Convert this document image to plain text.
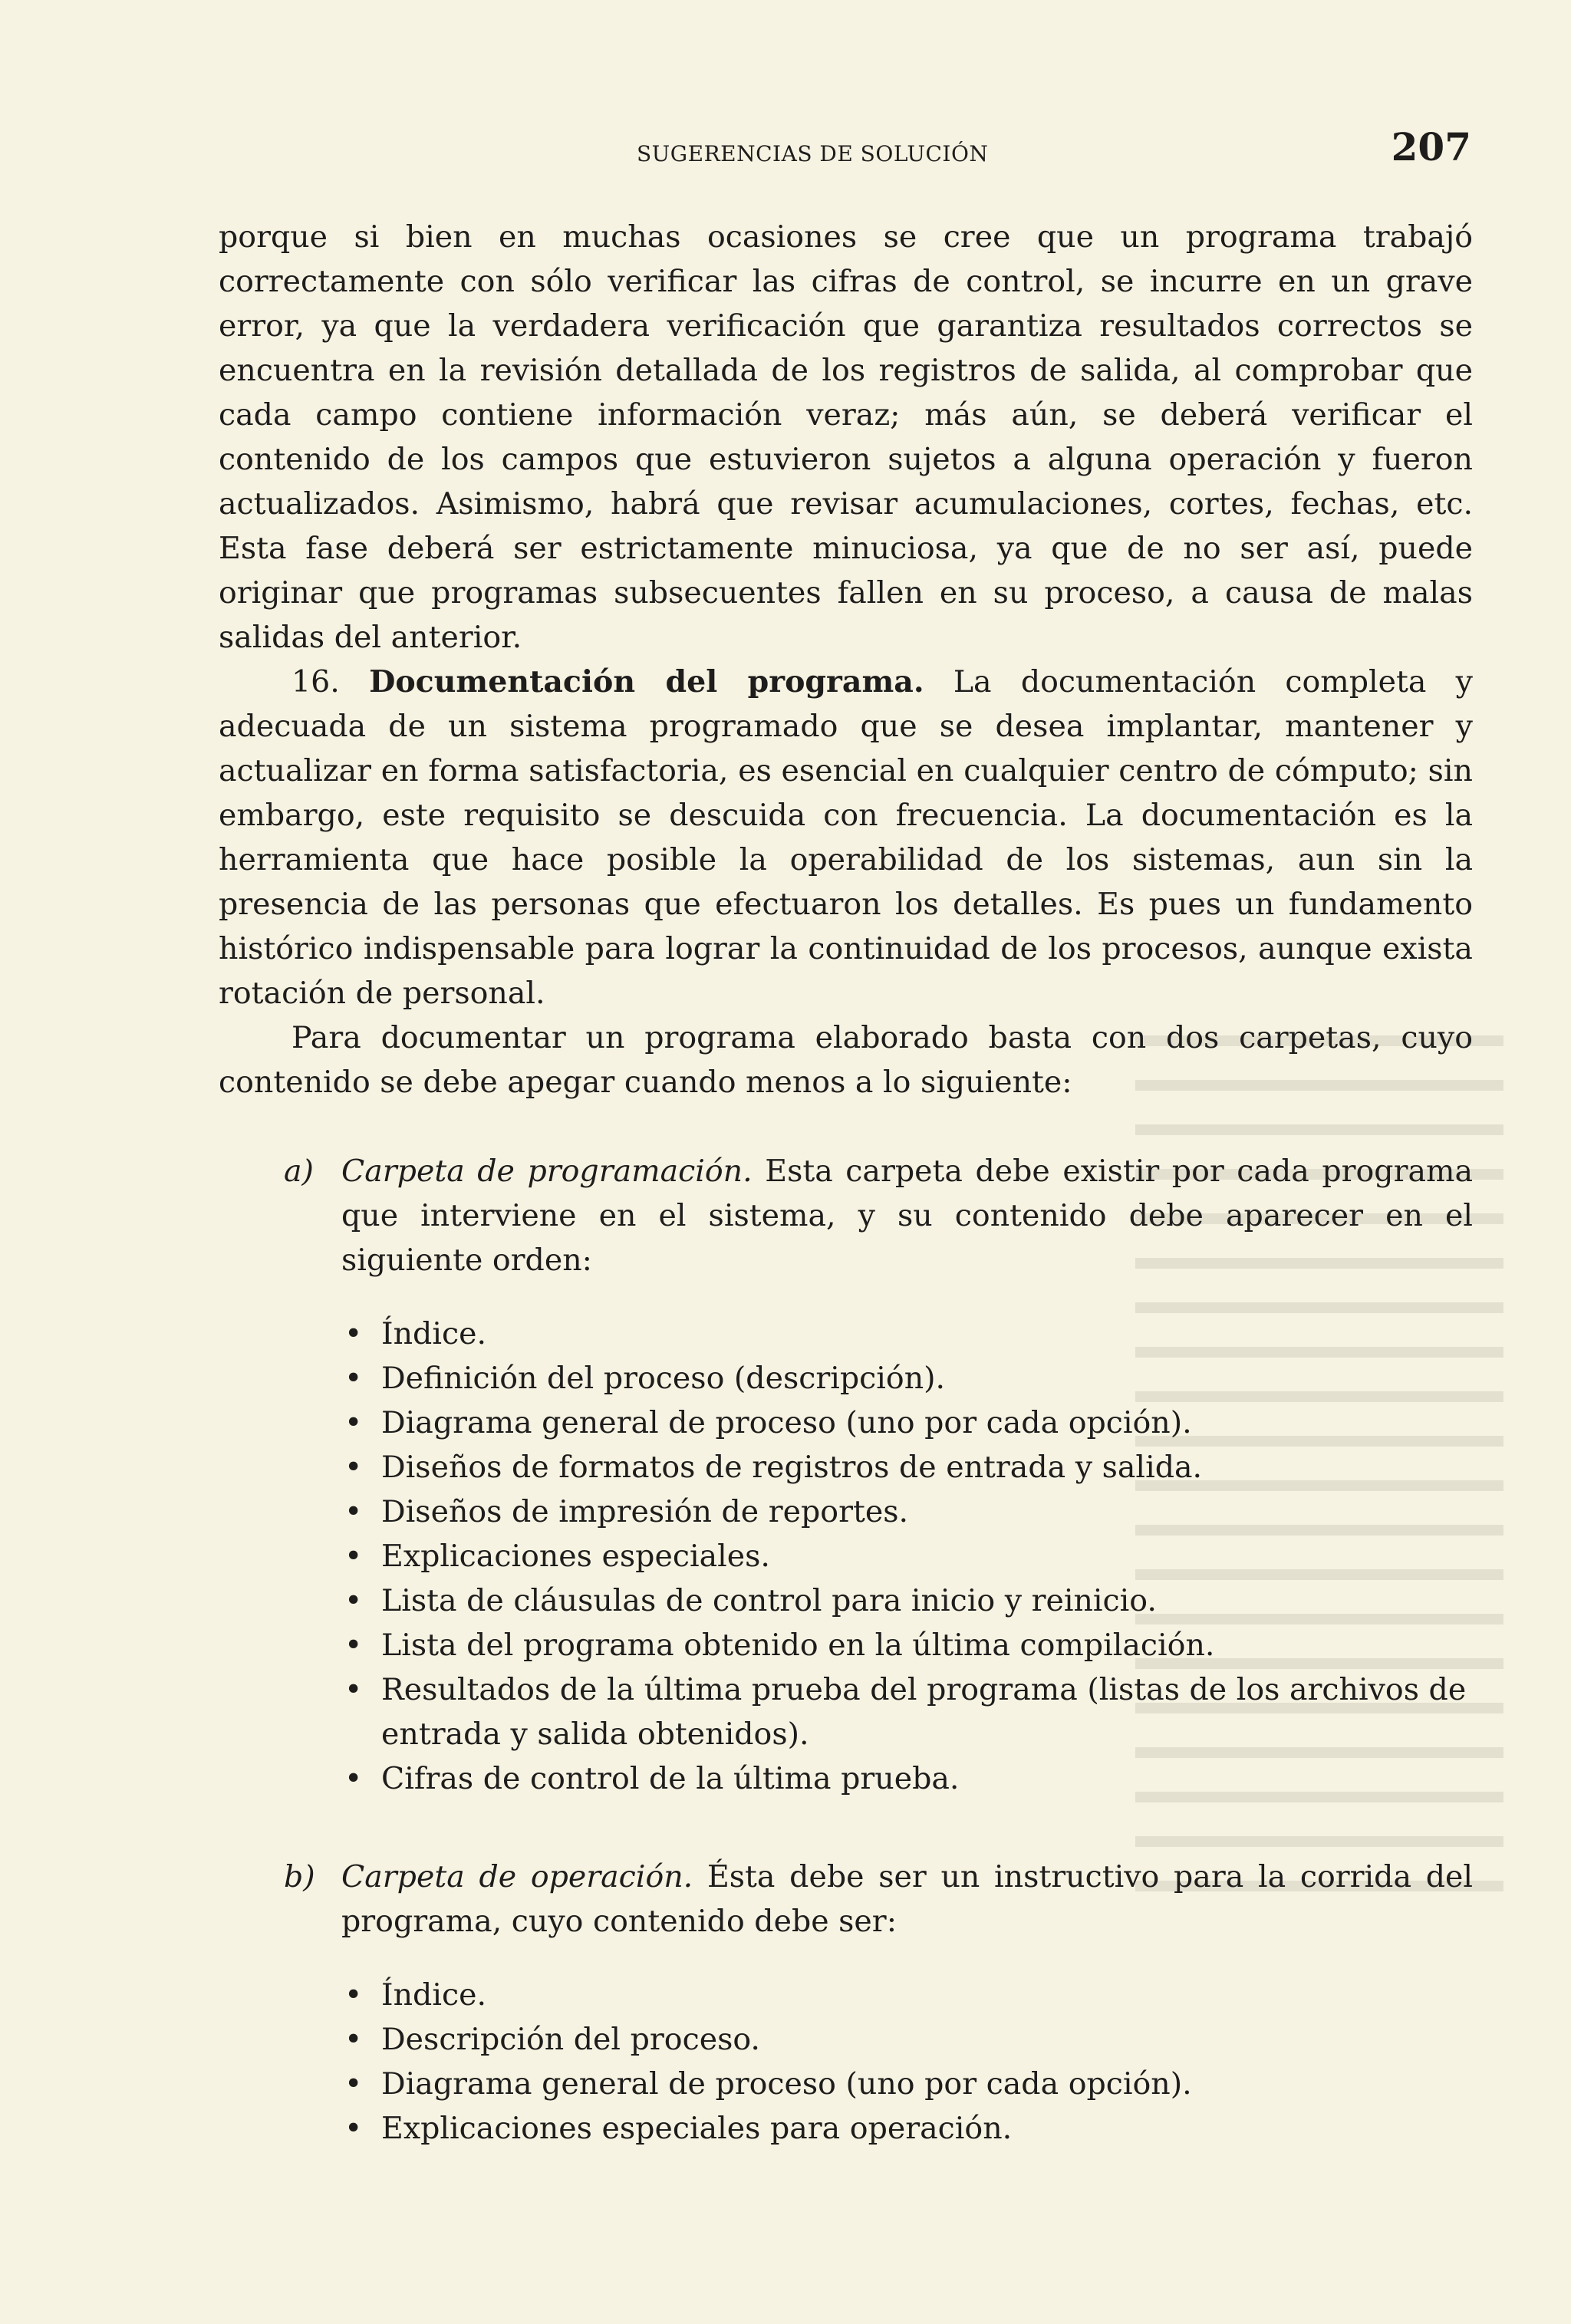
SUGERENCIAS DE SOLUCIÓN	207

porque si bien en muchas ocasiones se cree que un programa trabajó correctamente con sólo verificar las cifras de control, se incurre en un grave error, ya que la verdadera verificación que garantiza resultados correctos se encuentra en la revisión detallada de los registros de salida, al comprobar que cada campo contiene información veraz; más aún, se deberá verificar el contenido de los campos que estuvieron sujetos a alguna operación y fueron actualizados. Asimismo, habrá que revisar acumulaciones, cortes, fechas, etc. Esta fase deberá ser estrictamente minuciosa, ya que de no ser así, puede originar que programas subsecuentes fallen en su proceso, a causa de malas salidas del anterior.

16. Documentación del programa. La documentación completa y adecuada de un sistema programado que se desea implantar, mantener y actualizar en forma satisfactoria, es esencial en cualquier centro de cómputo; sin embargo, este requisito se descuida con frecuencia. La documentación es la herramienta que hace posible la operabilidad de los sistemas, aun sin la presencia de las personas que efectuaron los detalles. Es pues un fundamento histórico indispensable para lograr la continuidad de los procesos, aunque exista rotación de personal.

Para documentar un programa elaborado basta con dos carpetas, cuyo contenido se debe apegar cuando menos a lo siguiente:

a) Carpeta de programación. Esta carpeta debe existir por cada programa que interviene en el sistema, y su contenido debe aparecer en el siguiente orden:
• Índice.
• Definición del proceso (descripción).
• Diagrama general de proceso (uno por cada opción).
• Diseños de formatos de registros de entrada y salida.
• Diseños de impresión de reportes.
• Explicaciones especiales.
• Lista de cláusulas de control para inicio y reinicio.
• Lista del programa obtenido en la última compilación.
• Resultados de la última prueba del programa (listas de los archivos de entrada y salida obtenidos).
• Cifras de control de la última prueba.
b) Carpeta de operación. Ésta debe ser un instructivo para la corrida del programa, cuyo contenido debe ser:
• Índice.
• Descripción del proceso.
• Diagrama general de proceso (uno por cada opción).
• Explicaciones especiales para operación.
